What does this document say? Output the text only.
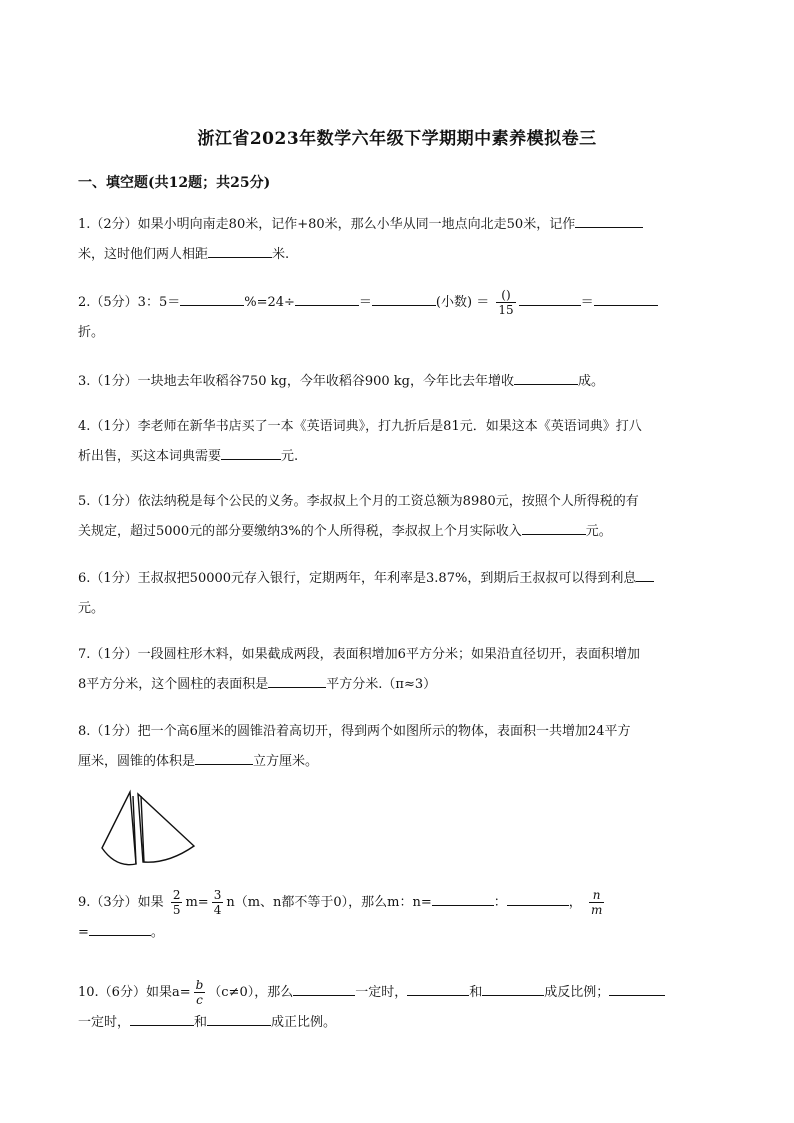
浙江省2023年数学六年级下学期期中素养模拟卷三
一、填空题(共12题；共25分)
1.（2分）如果小明向南走80米，记作+80米，那么小华从同一地点向北走50米，记作
米，这时他们两人相距	米.
2.（5分）3：5＝	%=24÷	＝	(小数) ＝ $\frac{()}{15}$	＝
折。
3.（1分）一块地去年收稻谷750 kg，今年收稻谷900 kg，今年比去年增收	成。
4.（1分）李老师在新华书店买了一本《英语词典》，打九折后是81元．如果这本《英语词典》打八
析出售，买这本词典需要	元.
5.（1分）依法纳税是每个公民的义务。李叔叔上个月的工资总额为8980元，按照个人所得税的有
关规定，超过5000元的部分要缴纳3%的个人所得税，李叔叔上个月实际收入	元。
6.（1分）王叔叔把50000元存入银行，定期两年，年利率是3.87%，到期后王叔叔可以得到利息
元。
7.（1分）一段圆柱形木料，如果截成两段，表面积增加6平方分米；如果沿直径切开，表面积增加
8平方分米，这个圆柱的表面积是	平方分米.（π≈3）
8.（1分）把一个高6厘米的圆锥沿着高切开，得到两个如图所示的物体，表面积一共增加24平方
厘米，圆锥的体积是	立方厘米。
9.（3分）如果 $\frac{2}{5} m= \frac{3}{4} n(m$、n都不等于0），那么m：n=	：	， $\frac{n}{m}$

=	。
10.（6分）如果$a= \frac{b}{c} (c\ne 0)$，那么	一定时，	和	成反比例；
一定时，	和	成正比例。
